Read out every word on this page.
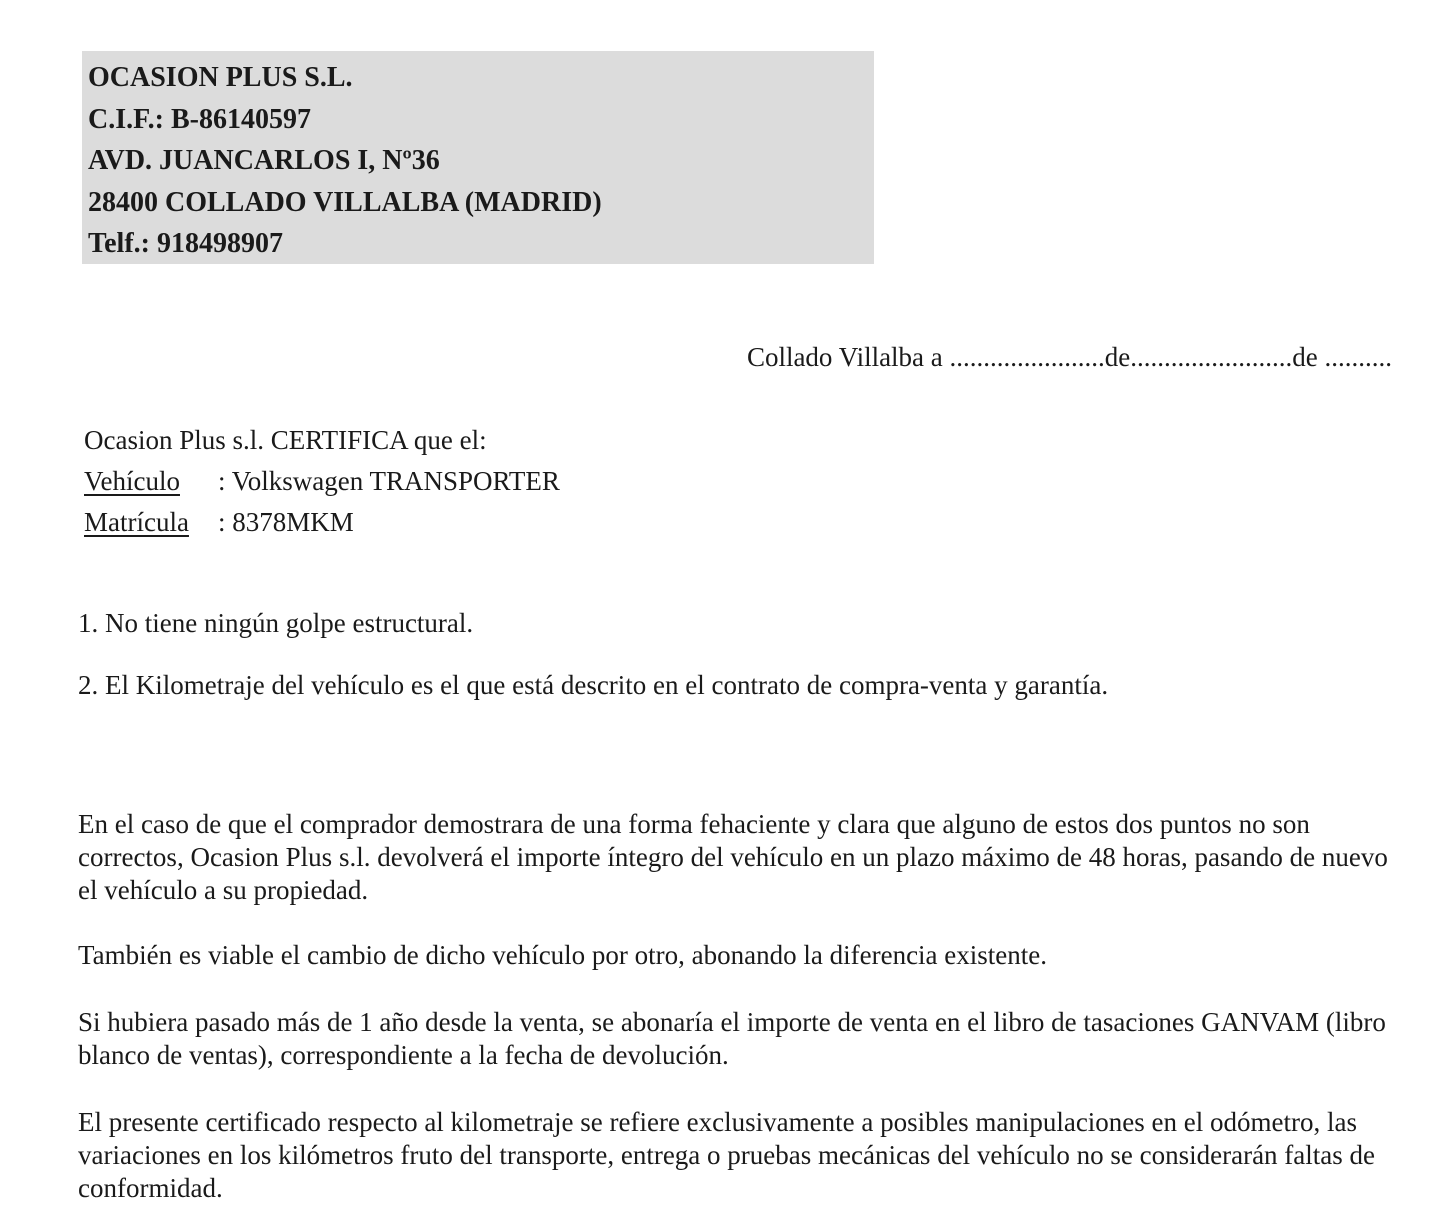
OCASION PLUS S.L.
C.I.F.: B-86140597
AVD. JUANCARLOS I, Nº36
28400 COLLADO VILLALBA (MADRID)
Telf.: 918498907
Collado Villalba a .......................de........................de ..........
Ocasion Plus s.l. CERTIFICA que el:
Vehículo : Volkswagen TRANSPORTER
Matrícula : 8378MKM
1. No tiene ningún golpe estructural.
2. El Kilometraje del vehículo es el que está descrito en el contrato de compra-venta y garantía.

En el caso de que el comprador demostrara de una forma fehaciente y clara que alguno de estos dos puntos no son correctos, Ocasion Plus s.l. devolverá el importe íntegro del vehículo en un plazo máximo de 48 horas, pasando de nuevo el vehículo a su propiedad.

También es viable el cambio de dicho vehículo por otro, abonando la diferencia existente.

Si hubiera pasado más de 1 año desde la venta, se abonaría el importe de venta en el libro de tasaciones GANVAM (libro blanco de ventas), correspondiente a la fecha de devolución.

El presente certificado respecto al kilometraje se refiere exclusivamente a posibles manipulaciones en el odómetro, las variaciones en los kilómetros fruto del transporte, entrega o pruebas mecánicas del vehículo no se considerarán faltas de conformidad.
